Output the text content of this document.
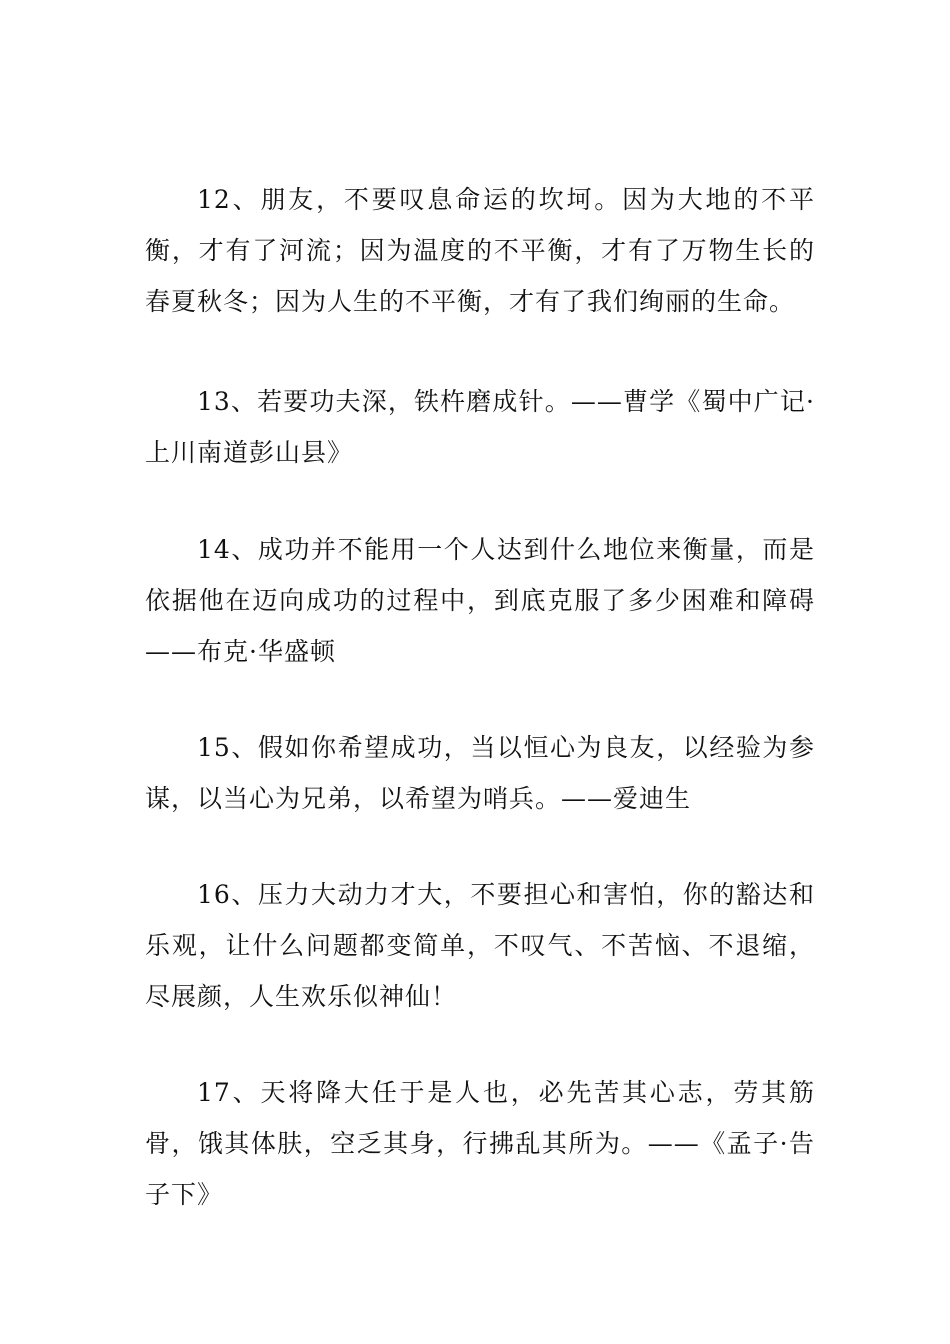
12、朋友，不要叹息命运的坎坷。因为大地的不平衡，才有了河流；因为温度的不平衡，才有了万物生长的春夏秋冬；因为人生的不平衡，才有了我们绚丽的生命。

13、若要功夫深，铁杵磨成针。——曹学《蜀中广记·上川南道彭山县》

14、成功并不能用一个人达到什么地位来衡量，而是依据他在迈向成功的过程中，到底克服了多少困难和障碍——布克·华盛顿

15、假如你希望成功，当以恒心为良友，以经验为参谋，以当心为兄弟，以希望为哨兵。——爱迪生

16、压力大动力才大，不要担心和害怕，你的豁达和乐观，让什么问题都变简单，不叹气、不苦恼、不退缩，尽展颜，人生欢乐似神仙！

17、天将降大任于是人也，必先苦其心志，劳其筋骨，饿其体肤，空乏其身，行拂乱其所为。——《孟子·告子下》
